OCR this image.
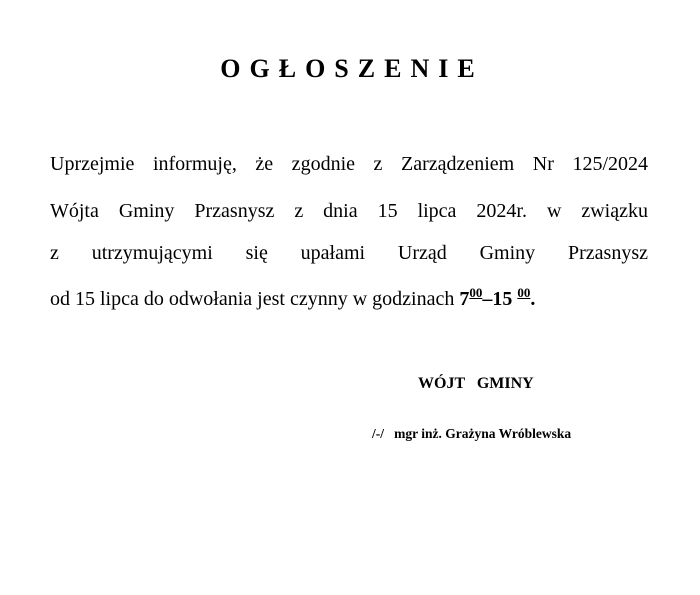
OGŁOSZENIE
Uprzejmie informuję, że zgodnie z Zarządzeniem Nr 125/2024
Wójta Gminy Przasnysz z dnia 15 lipca 2024r. w związku
z utrzymującymi się upałami Urząd Gminy Przasnysz
od 15 lipca do odwołania jest czynny w godzinach $7^{00}-15$ $^{00}$.
WÓJT   GMINY
/-/ mgr inż. Grażyna Wróblewska
